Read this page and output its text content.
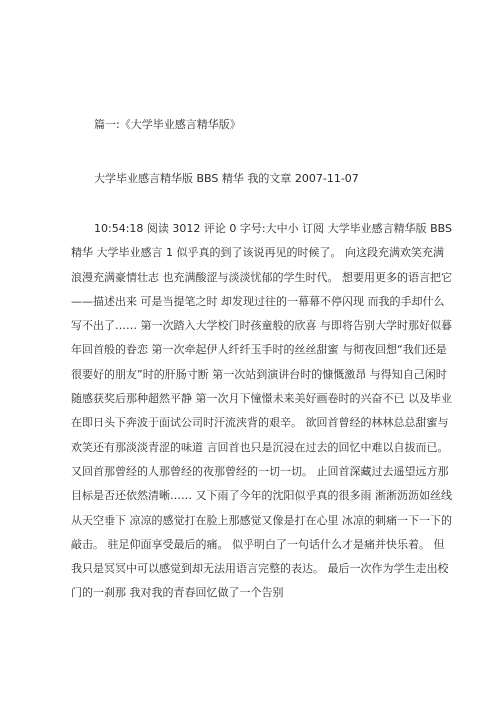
篇一:《大学毕业感言精华版》
大学毕业感言精华版 BBS 精华 我的文章 2007-11-07
10:54:18 阅读 3012 评论 0 字号:大中小 订阅 大学毕业感言精华版 BBS
精华 大学毕业感言 1 似乎真的到了该说再见的时候了。 向这段充满欢笑充满
浪漫充满豪情壮志 也充满酸涩与淡淡忧郁的学生时代。 想要用更多的语言把它
——描述出来 可是当提笔之时 却发现过往的一幕幕不停闪现 而我的手却什么
写不出了…… 第一次踏入大学校门时孩童般的欣喜 与即将告别大学时那好似暮
年回首般的眷恋 第一次牵起伊人纤纤玉手时的丝丝甜蜜 与彻夜回想“我们还是
很要好的朋友”时的肝肠寸断 第一次站到演讲台时的慷慨激昂 与得知自己闲时
随感获奖后那种超然平静 第一次月下憧憬未来美好画卷时的兴奋不已 以及毕业
在即日头下奔波于面试公司时汗流浃背的艰辛。 欲回首曾经的林林总总甜蜜与
欢笑还有那淡淡青涩的味道 言回首也只是沉浸在过去的回忆中难以自拔而已。
又回首那曾经的人那曾经的夜那曾经的一切一切。 止回首深藏过去遥望远方那
目标是否还依然清晰…… 又下雨了今年的沈阳似乎真的很多雨 淅淅沥沥如丝线
从天空垂下 凉凉的感觉打在脸上那感觉又像是打在心里 冰凉的刺痛一下一下的
敲击。 驻足仰面享受最后的痛。 似乎明白了一句话什么才是痛并快乐着。 但
我只是冥冥中可以感觉到却无法用语言完整的表达。 最后一次作为学生走出校
门的一刹那 我对我的青春回忆做了一个告别
